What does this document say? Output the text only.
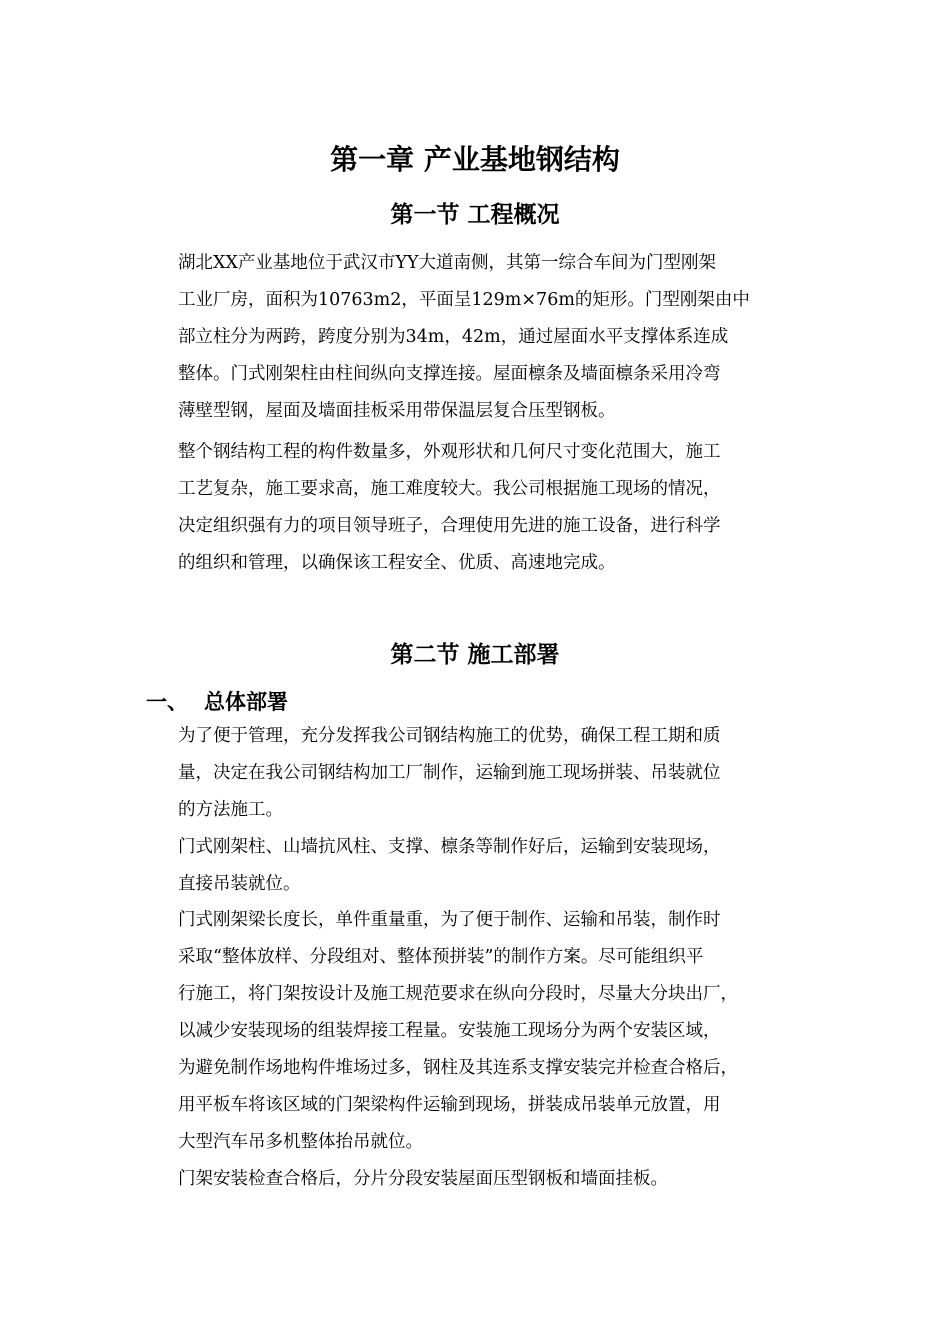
第一章 产业基地钢结构
第一节 工程概况

湖北XX产业基地位于武汉市YY大道南侧，其第一综合车间为门型刚架

工业厂房，面积为10763m2，平面呈129m×76m的矩形。门型刚架由中

部立柱分为两跨，跨度分别为34m，42m，通过屋面水平支撑体系连成

整体。门式刚架柱由柱间纵向支撑连接。屋面檩条及墙面檩条采用冷弯

薄壁型钢，屋面及墙面挂板采用带保温层复合压型钢板。

整个钢结构工程的构件数量多，外观形状和几何尺寸变化范围大，施工

工艺复杂，施工要求高，施工难度较大。我公司根据施工现场的情况，

决定组织强有力的项目领导班子，合理使用先进的施工设备，进行科学

的组织和管理，以确保该工程安全、优质、高速地完成。

第二节 施工部署
一、 总体部署

为了便于管理，充分发挥我公司钢结构施工的优势，确保工程工期和质

量，决定在我公司钢结构加工厂制作，运输到施工现场拼装、吊装就位

的方法施工。

门式刚架柱、山墙抗风柱、支撑、檩条等制作好后，运输到安装现场，

直接吊装就位。

门式刚架梁长度长，单件重量重，为了便于制作、运输和吊装，制作时

采取“整体放样、分段组对、整体预拼装”的制作方案。尽可能组织平

行施工，将门架按设计及施工规范要求在纵向分段时，尽量大分块出厂，

以减少安装现场的组装焊接工程量。安装施工现场分为两个安装区域，

为避免制作场地构件堆场过多，钢柱及其连系支撑安装完并检查合格后，

用平板车将该区域的门架梁构件运输到现场，拼装成吊装单元放置，用

大型汽车吊多机整体抬吊就位。

门架安装检查合格后，分片分段安装屋面压型钢板和墙面挂板。
